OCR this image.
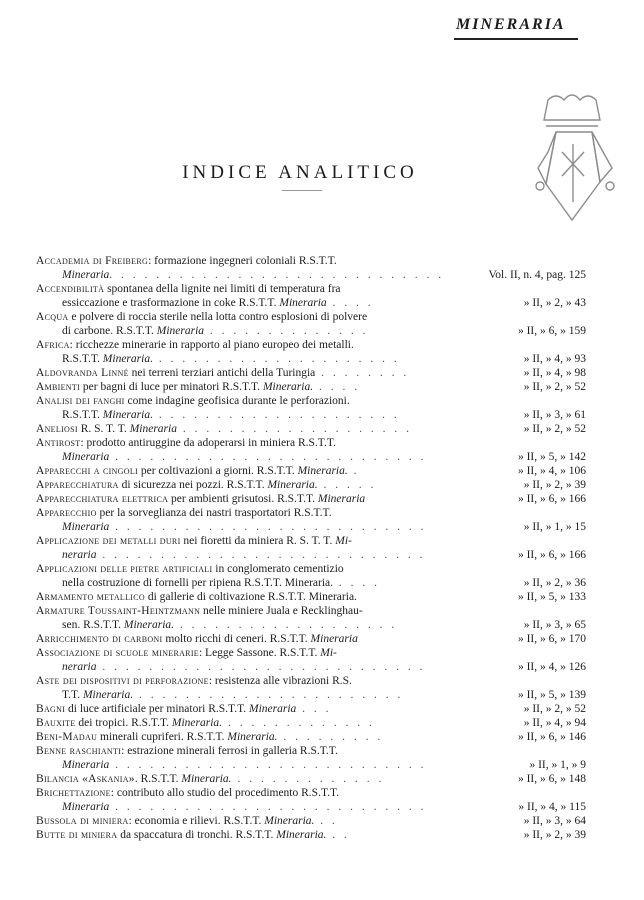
MINERARIA
INDICE ANALITICO
Accademia di Freiberg: formazione ingegneri coloniali R.S.T.T.
Mineraria. . . . . . . . . . . . . . . . . . . . . . . . . . . . .	Vol. II, n. 4, pag. 125
Accendibilità spontanea della lignite nei limiti di temperatura fra
essiccazione e trasformazione in coke R.S.T.T. Mineraria . . . .	» II, » 2, » 43
Acqua e polvere di roccia sterile nella lotta contro esplosioni di polvere
di carbone. R.S.T.T. Mineraria . . . . . . . . . . . . . .	» II, » 6, » 159
Africa: ricchezze minerarie in rapporto al piano europeo dei metalli.
R.S.T.T. Mineraria. . . . . . . . . . . . . . . . . . . . . .	» II, » 4, » 93
Aldovranda Linné nei terreni terziari antichi della Turingia . . . . . . . .	» II, » 4, » 98
Ambienti per bagni di luce per minatori R.S.T.T. Mineraria. . . . .	» II, » 2, » 52
Analisi dei fanghi come indagine geofisica durante le perforazioni.
R.S.T.T. Mineraria. . . . . . . . . . . . . . . . . . . . . .	» II, » 3, » 61
Aneliosi R. S. T. T. Mineraria . . . . . . . . . . . . . . . . . . . .	» II, » 2, » 52
Antirost: prodotto antiruggine da adoperarsi in miniera R.S.T.T.
Mineraria . . . . . . . . . . . . . . . . . . . . . . . . . . .	» II, » 5, » 142
Apparecchi a cingoli per coltivazioni a giorni. R.S.T.T. Mineraria. .	» II, » 4, » 106
Apparecchiatura di sicurezza nei pozzi. R.S.T.T. Mineraria. . . . . .	» II, » 2, » 39
Apparecchiatura elettrica per ambienti grisutosi. R.S.T.T. Mineraria	» II, » 6, » 166
Apparecchio per la sorveglianza dei nastri trasportatori R.S.T.T.
Mineraria . . . . . . . . . . . . . . . . . . . . . . . . . . .	» II, » 1, » 15
Applicazione dei metalli duri nei fioretti da miniera R. S. T. T. Mi-
neraria . . . . . . . . . . . . . . . . . . . . . . . . . . . .	» II, » 6, » 166
Applicazioni delle pietre artificiali in conglomerato cementizio
nella costruzione di fornelli per ripiena R.S.T.T. Mineraria. . . . .	» II, » 2, » 36
Armamento metallico di gallerie di coltivazione R.S.T.T. Mineraria.	» II, » 5, » 133
Armature Toussaint-Heintzmann nelle miniere Juala e Recklinghau-
sen. R.S.T.T. Mineraria. . . . . . . . . . . . . . . . . . . .	» II, » 3, » 65
Arricchimento di carboni molto ricchi di ceneri. R.S.T.T. Mineraria	» II, » 6, » 170
Associazione di scuole minerarie: Legge Sassone. R.S.T.T. Mi-
neraria . . . . . . . . . . . . . . . . . . . . . . . . . . . .	» II, » 4, » 126
Aste dei dispositivi di perforazione: resistenza alle vibrazioni R.S.
T.T. Mineraria. . . . . . . . . . . . . . . . . . . . . . . .	» II, » 5, » 139
Bagni di luce artificiale per minatori R.S.T.T. Mineraria . . .	» II, » 2, » 52
Bauxite dei tropici. R.S.T.T. Mineraria. . . . . . . . . . . . . .	» II, » 4, » 94
Beni-Madau minerali cupriferi. R.S.T.T. Mineraria. . . . . . . . . .	» II, » 6, » 146
Benne raschianti: estrazione minerali ferrosi in galleria R.S.T.T.
Mineraria . . . . . . . . . . . . . . . . . . . . . . . . . . .	» II, » 1, » 9
Bilancia «Askania». R.S.T.T. Mineraria. . . . . . . . . . . . . .	» II, » 6, » 148
Brichettazione: contributo allo studio del procedimento R.S.T.T.
Mineraria . . . . . . . . . . . . . . . . . . . . . . . . . . .	» II, » 4, » 115
Bussola di miniera: economia e rilievi. R.S.T.T. Mineraria. . .	» II, » 3, » 64
Butte di miniera da spaccatura di tronchi. R.S.T.T. Mineraria. . .	» II, » 2, » 39
